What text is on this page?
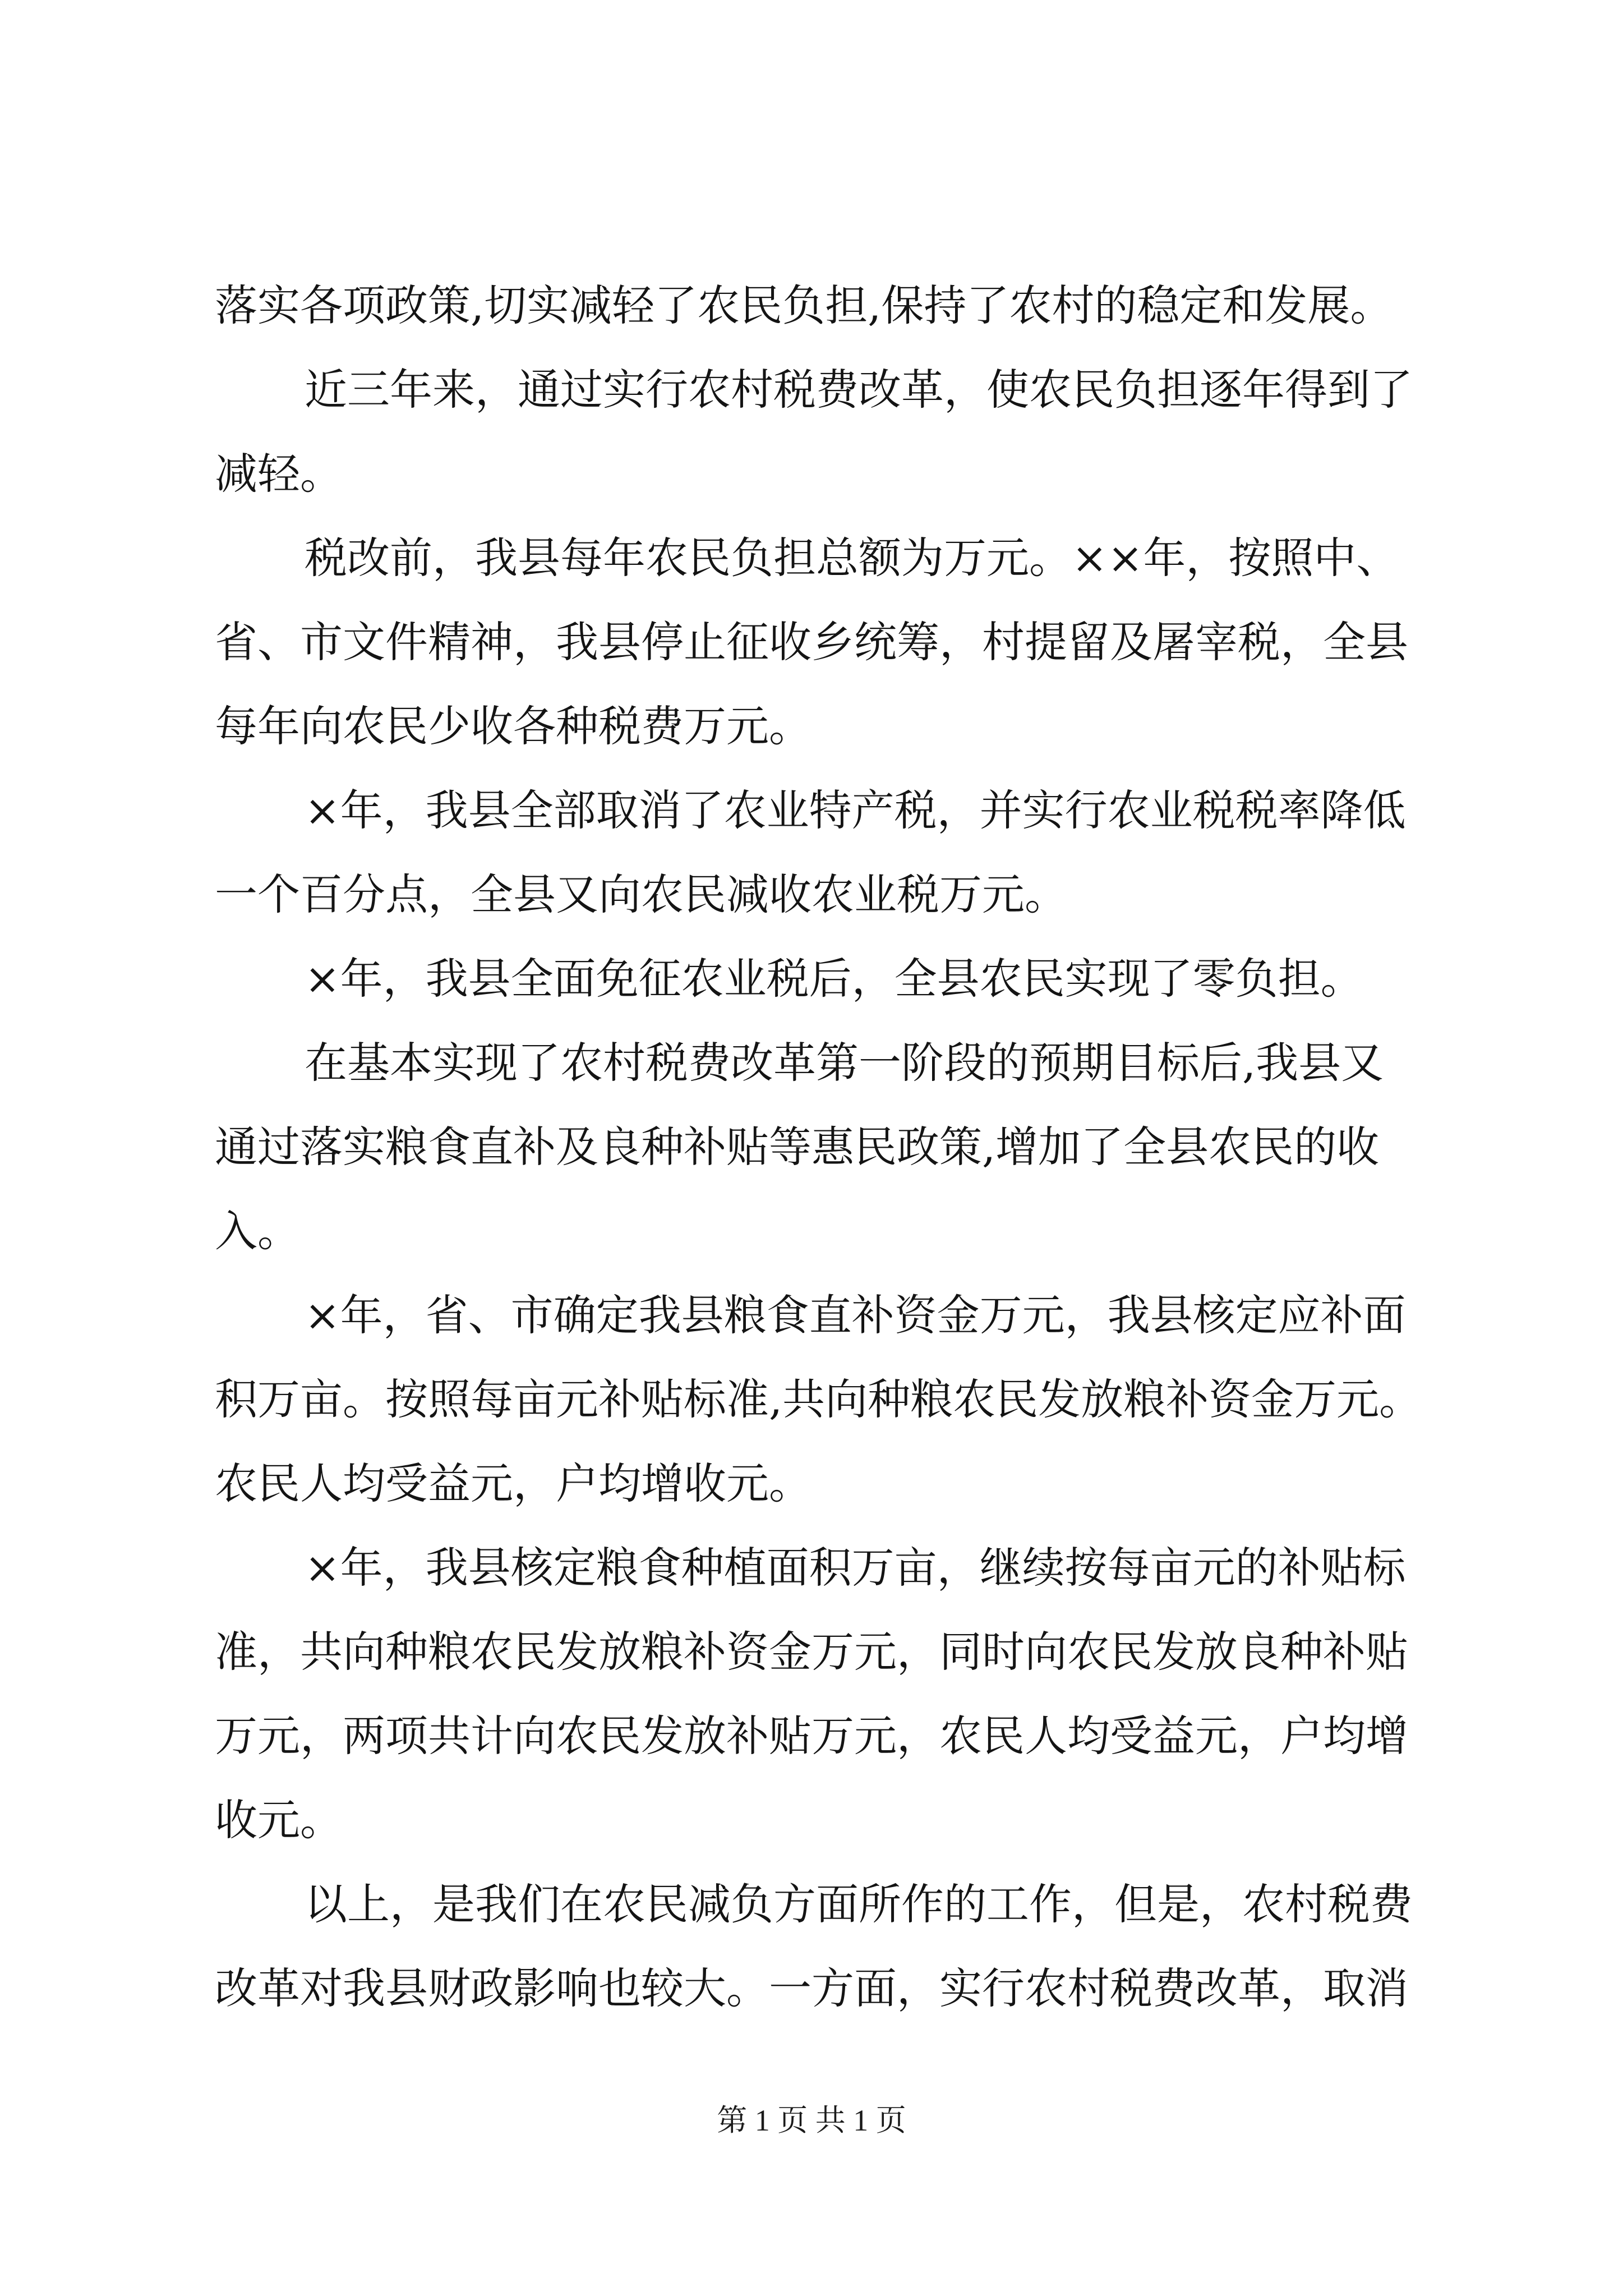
落实各项政策,切实减轻了农民负担,保持了农村的稳定和发展。
近三年来，通过实行农村税费改革，使农民负担逐年得到了
减轻。
税改前，我县每年农民负担总额为万元。××年，按照中、
省、市文件精神，我县停止征收乡统筹，村提留及屠宰税，全县
每年向农民少收各种税费万元。
×年，我县全部取消了农业特产税，并实行农业税税率降低
一个百分点，全县又向农民减收农业税万元。
×年，我县全面免征农业税后，全县农民实现了零负担。
在基本实现了农村税费改革第一阶段的预期目标后,我县又
通过落实粮食直补及良种补贴等惠民政策,增加了全县农民的收
入。
×年，省、市确定我县粮食直补资金万元，我县核定应补面
积万亩。按照每亩元补贴标准,共向种粮农民发放粮补资金万元。
农民人均受益元，户均增收元。
×年，我县核定粮食种植面积万亩，继续按每亩元的补贴标
准，共向种粮农民发放粮补资金万元，同时向农民发放良种补贴
万元，两项共计向农民发放补贴万元，农民人均受益元，户均增
收元。
以上，是我们在农民减负方面所作的工作，但是，农村税费
改革对我县财政影响也较大。一方面，实行农村税费改革，取消
第 1 页 共 1 页
